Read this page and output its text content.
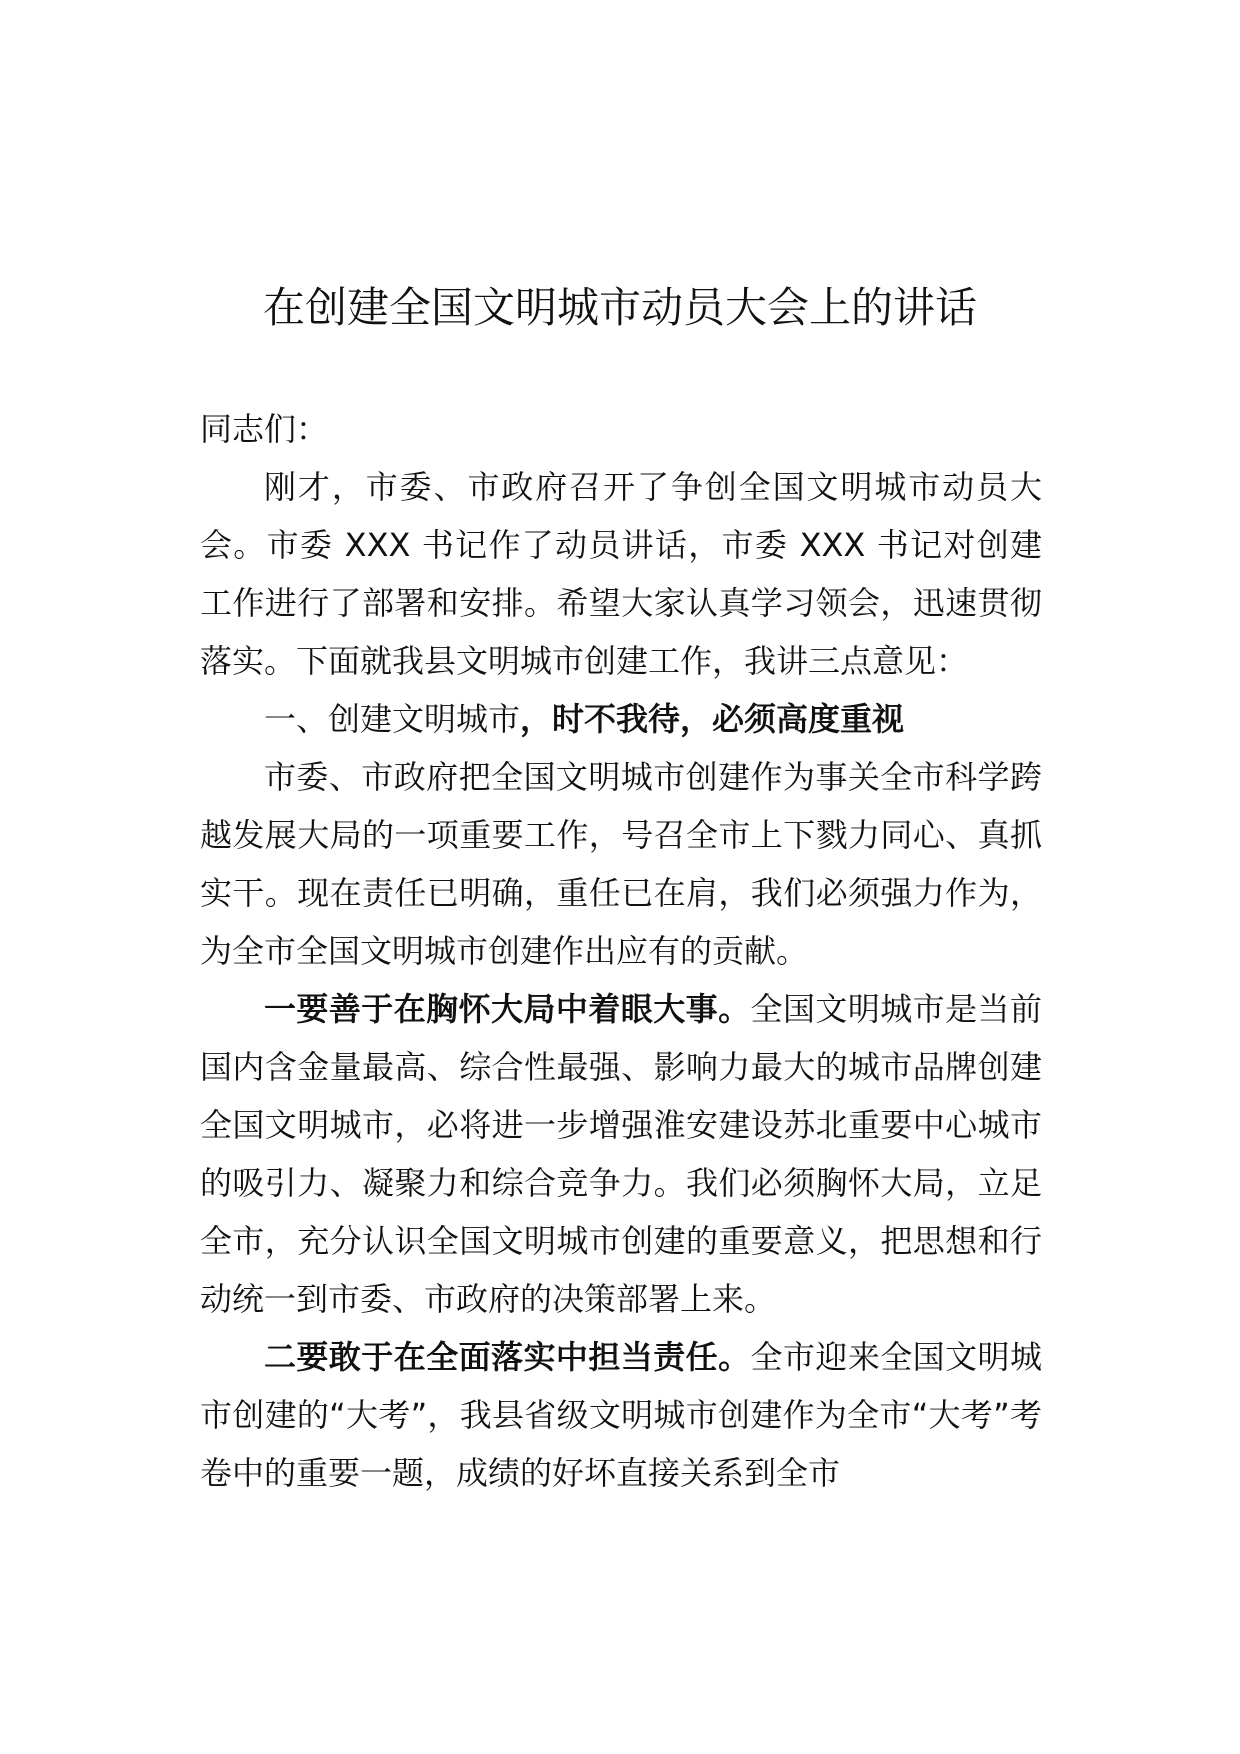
在创建全国文明城市动员大会上的讲话

同志们：

刚才，市委、市政府召开了争创全国文明城市动员大会。市委 XXX 书记作了动员讲话，市委 XXX 书记对创建工作进行了部署和安排。希望大家认真学习领会，迅速贯彻落实。下面就我县文明城市创建工作，我讲三点意见：

一、创建文明城市，时不我待，必须高度重视

市委、市政府把全国文明城市创建作为事关全市科学跨越发展大局的一项重要工作，号召全市上下戮力同心、真抓实干。现在责任已明确，重任已在肩，我们必须强力作为，为全市全国文明城市创建作出应有的贡献。

一要善于在胸怀大局中着眼大事。全国文明城市是当前国内含金量最高、综合性最强、影响力最大的城市品牌创建全国文明城市，必将进一步增强淮安建设苏北重要中心城市的吸引力、凝聚力和综合竞争力。我们必须胸怀大局，立足全市，充分认识全国文明城市创建的重要意义，把思想和行动统一到市委、市政府的决策部署上来。

二要敢于在全面落实中担当责任。全市迎来全国文明城市创建的“大考”，我县省级文明城市创建作为全市“大考”考卷中的重要一题，成绩的好坏直接关系到全市
